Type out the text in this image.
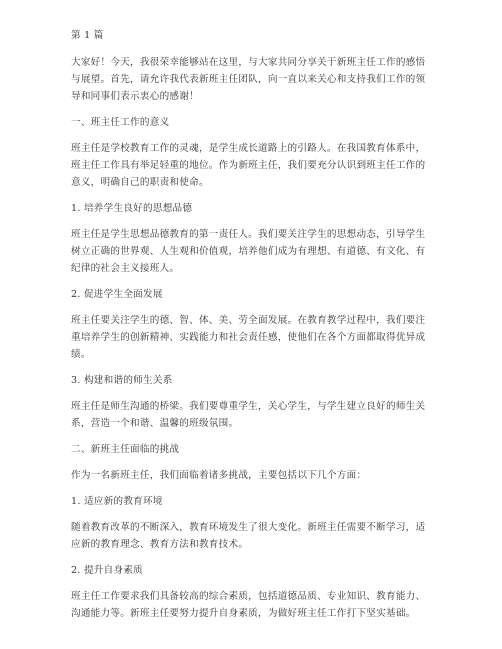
第 1 篇

大家好！今天，我很荣幸能够站在这里，与大家共同分享关于新班主任工作的感悟与展望。首先，请允许我代表新班主任团队，向一直以来关心和支持我们工作的领导和同事们表示衷心的感谢！

一、班主任工作的意义

班主任是学校教育工作的灵魂，是学生成长道路上的引路人。在我国教育体系中，班主任工作具有举足轻重的地位。作为新班主任，我们要充分认识到班主任工作的意义，明确自己的职责和使命。

1. 培养学生良好的思想品德

班主任是学生思想品德教育的第一责任人。我们要关注学生的思想动态，引导学生树立正确的世界观、人生观和价值观，培养他们成为有理想、有道德、有文化、有纪律的社会主义接班人。

2. 促进学生全面发展

班主任要关注学生的德、智、体、美、劳全面发展。在教育教学过程中，我们要注重培养学生的创新精神、实践能力和社会责任感，使他们在各个方面都取得优异成绩。

3. 构建和谐的师生关系

班主任是师生沟通的桥梁。我们要尊重学生，关心学生，与学生建立良好的师生关系，营造一个和谐、温馨的班级氛围。

二、新班主任面临的挑战

作为一名新班主任，我们面临着诸多挑战，主要包括以下几个方面：

1. 适应新的教育环境

随着教育改革的不断深入，教育环境发生了很大变化。新班主任需要不断学习，适应新的教育理念、教育方法和教育技术。

2. 提升自身素质

班主任工作要求我们具备较高的综合素质，包括道德品质、专业知识、教育能力、沟通能力等。新班主任要努力提升自身素质，为做好班主任工作打下坚实基础。
